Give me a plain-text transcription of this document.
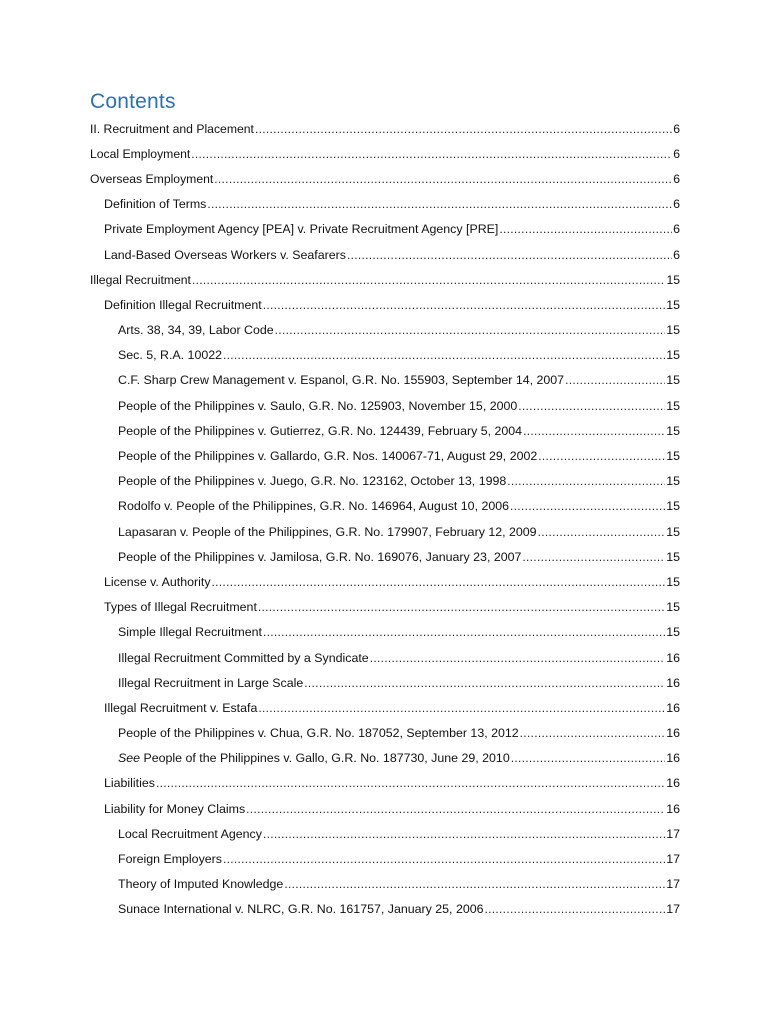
Contents
II. Recruitment and Placement .....	6
Local Employment .....	6
Overseas Employment .....	6
Definition of Terms .....	6
Private Employment Agency [PEA] v. Private Recruitment Agency [PRE] .....	6
Land-Based Overseas Workers v. Seafarers .....	6
Illegal Recruitment .....	15
Definition Illegal Recruitment .....	15
Arts. 38, 34, 39, Labor Code .....	15
Sec. 5, R.A. 10022 .....	15
C.F. Sharp Crew Management v. Espanol, G.R. No. 155903, September 14, 2007 .....	15
People of the Philippines v. Saulo, G.R. No. 125903, November 15, 2000 .....	15
People of the Philippines v. Gutierrez, G.R. No. 124439, February 5, 2004 .....	15
People of the Philippines v. Gallardo, G.R. Nos. 140067-71, August 29, 2002 .....	15
People of the Philippines v. Juego, G.R. No. 123162, October 13, 1998 .....	15
Rodolfo v. People of the Philippines, G.R. No. 146964, August 10, 2006 .....	15
Lapasaran v. People of the Philippines, G.R. No. 179907, February 12, 2009 .....	15
People of the Philippines v. Jamilosa, G.R. No. 169076, January 23, 2007 .....	15
License v. Authority .....	15
Types of Illegal Recruitment .....	15
Simple Illegal Recruitment .....	15
Illegal Recruitment Committed by a Syndicate .....	16
Illegal Recruitment in Large Scale .....	16
Illegal Recruitment v. Estafa .....	16
People of the Philippines v. Chua, G.R. No. 187052, September 13, 2012 .....	16
See People of the Philippines v. Gallo, G.R. No. 187730, June 29, 2010 .....	16
Liabilities .....	16
Liability for Money Claims .....	16
Local Recruitment Agency .....	17
Foreign Employers .....	17
Theory of Imputed Knowledge .....	17
Sunace International v. NLRC, G.R. No. 161757, January 25, 2006 .....	17
